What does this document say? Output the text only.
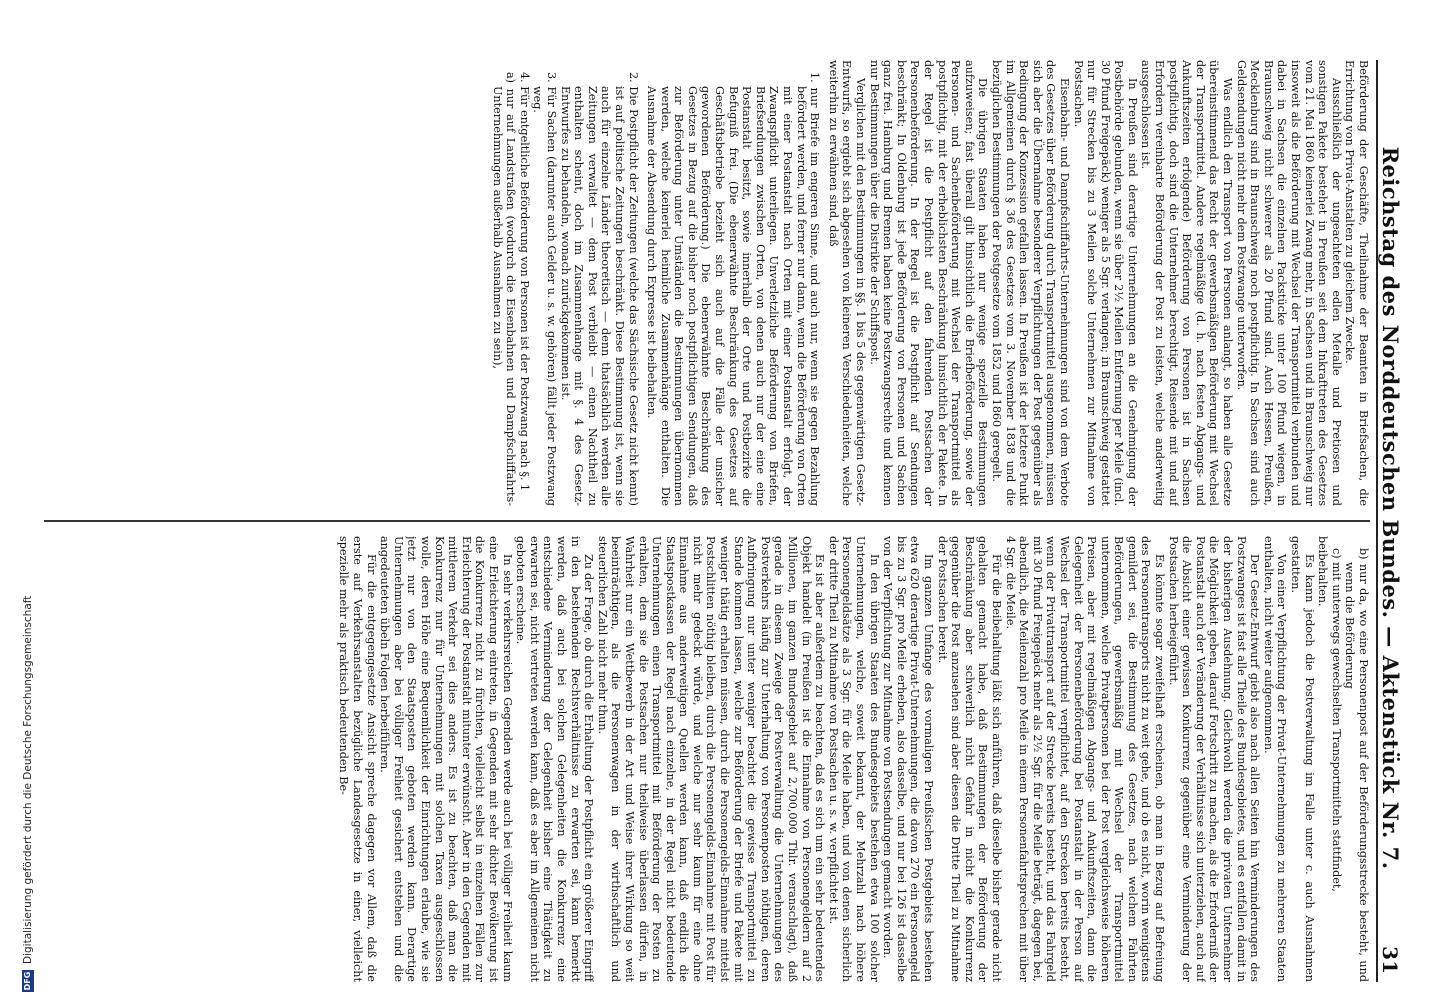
DFG
Digitalisierung gefördert durch die Deutsche Forschungsgemeinschaft	Reichstag des Norddeutschen Bundes. — Aktenstück Nr. 7.
31

Beförderung der Geschäfte, Theilnahme der Beamten in Briefsachen, die Errichtung von Privat-Anstalten zu gleichem Zwecke.

Ausschließlich der ungeachteten edlen Metalle und Pretiosen und sonstigen Pakete bestehet in Preußen seit dem Inkrafttreten des Gesetzes vom 21. Mai 1860 keinerlei Zwang mehr, in Sachsen und in Braunschweig nur insoweit als die Beförderung mit Wechsel der Transportmittel verbunden und dabei in Sachsen die einzelnen Packstücke unter 100 Pfund wiegen, in Braunschweig nicht schwerer als 20 Pfund sind. Auch Hessen, Preußen, Mecklenburg sind in Braunschweig noch postpflichtig. In Sachsen sind auch Geldsendungen nicht mehr dem Postzwange unterworfen.

Was endlich den Transport von Personen anlangt, so haben alle Gesetze übereinstimmend das Recht der gewerbsmäßigen Beförderung mit Wechsel der Transportmittel. Andere regelmäßige (d. h. nach festen Abgangs- und Ankunftszeiten erfolgende) Beförderung von Personen ist in Sachsen postpflichtig, doch sind die Unternehmer berechtigt, Reisende mit und auf Erfordern vereinbarte Beförderung der Post zu leisten, welche anderweitig ausgeschlossen ist.

In Preußen sind derartige Unternehmungen an die Genehmigung der Postbehörde gebunden, wenn sie über 2½ Meilen Entfernung per Meile (incl. 30 Pfund Freigepäck) weniger als 5 Sgr. verlangen; in Braunschweig gestattet nur für Strecken bis zu 3 Meilen solche Unternehmen zur Mitnahme von Postsachen.

Eisenbahn- und Dampfschiffahrts-Unternehmungen sind von dem Verbote des Gesetzes über Beförderung durch Transportmittel ausgenommen, müssen sich aber die Übernahme besonderer Verpflichtungen der Post gegenüber als Bedingung der Konzession gefallen lassen. In Preußen ist der letztere Punkt im Allgemeinen durch § 36 des Gesetzes vom 3. November 1838 und die bezüglichen Bestimmungen der Postgesetze vom 1852 und 1860 geregelt.

Die übrigen Staaten haben nur wenige spezielle Bestimmungen aufzuweisen; fast überall gilt hinsichtlich die Briefbeförderung, sowie der Personen- und Sachenbeförderung mit Wechsel der Transportmittel als postpflichtig, mit der erheblichsten Beschränkung hinsichtlich der Pakete. In der Regel ist die Postpflicht auf den fahrenden Postsachen der Personenbeförderung. In der Regel ist die Postpflicht auf Sendungen beschränkt; In Oldenburg ist jede Beförderung von Personen und Sachen ganz frei. Hamburg und Bremen haben keine Postzwangsrechte und kennen nur Bestimmungen über die Distrikte der Schiffspost.

Verglichen mit den Bestimmungen in §§. 1 bis 5 des gegenwärtigen Gesetz-Entwurfs, so ergiebt sich abgesehen von kleineren Verschiedenheiten, welche weiterhin zu erwähnen sind, daß

1. nur Briefe im engeren Sinne, und auch nur, wenn sie gegen Bezahlung befördert werden, und ferner nur dann, wenn die Beförderung von Orten mit einer Postanstalt nach Orten mit einer Postanstalt erfolgt, der Zwangspflicht unterliegen. Unverletzliche Beförderung von Briefen, Briefsendungen zwischen Orten, von denen auch nur der eine eine Postanstalt besitzt, sowie innerhalb der Orte und Postbezirke die Befugniß frei. (Die ebenerwähnte Beschränkung des Gesetzes auf Geschäftsbetriebe bezieht sich auch auf die Fälle der unsicher gewordenen Beförderung.) Die ebenerwähnte Beschränkung des Gesetzes in Bezug auf die bisher noch postpflichtigen Sendungen, daß zur Beförderung unter Umständen die Bestimmungen übernommen werden, welche keinerlei heimliche Zusammenhänge enthalten. Die Ausnahme der Absendung durch Expresse ist beibehalten.

2. Die Postpflicht der Zeitungen (welche das Sächsische Gesetz nicht kennt) ist auf politische Zeitungen beschränkt. Diese Bestimmung ist, wenn sie auch für einzelne Länder theoretisch — denn thatsächlich werden alle Zeitungen verwaltet — dem Post verbleibt — einen Nachtheil zu enthalten scheint, doch im Zusammenhange mit §. 4 des Gesetz-Entwurfes zu behandeln, wonach zurückgekommen ist.

3. Für Sachen (darunter auch Gelder u. s. w. gehören) fällt jeder Postzwang weg.

4. Für entgeltliche Beförderung von Personen ist der Postzwang nach §. 1

a) nur auf Landstraßen (wodurch die Eisenbahnen und Dampfschiffahrts-Unternehmungen außerhalb Ausnahmen zu sein),

b) nur da, wo eine Personenpost auf der Beförderungsstrecke besteht, und wenn die Beförderung

c) mit unterwegs gewechselten Transportmitteln stattfindet,

beibehalten.

Es kann jedoch die Postverwaltung im Falle unter c. auch Ausnahmen gestatten.

Von einer Verpflichtung der Privat-Unternehmungen zu mehreren Staaten enthalten, nicht weiter aufgenommen.

Der Gesetz-Entwurf giebt also nach allen Seiten hin Verminderungen des Postzwanges ist fast alle Theile des Bundesgebietes, und es entfallen damit in der bisherigen Ausdehnung. Gleichwohl werden die privaten Unternehmer die Möglichkeit geben, darauf Fortschritt zu machen, als die Erforderniß der Postanstalt auch der Veränderung der Verhältnisse sich unterziehen, auch auf die Absicht einer gewissen Konkurrenz gegenüber eine Verminderung der Postsachen herbeigeführt.

Es könnte sogar zweifelhaft erscheinen, ob man in Bezug auf Befreiung des Personentransports nicht zu weit gehe, und ob es nicht, worin wenigstens gemildert sei, die Bestimmung des Gesetzes, nach welchem Fahrten Beförderungen, gewerbsmäßig mit Wechsel der Transportmittel unternommen, welche Privatpersonen bei der Post vergleichsweise höheren Preisen, aber mit regelmäßigen Abgangs- und Ankunftszeiten, dann die Gelegenheit der Personenbeförderung bei Postanstalt in der Person auf Wechsel der Transportmittel verpflichtet, auf den Strecken bereits besteht, wenn der Privattransport auf der Strecke bereits besteht, und das Fahrgeld mit 30 Pfund Freigepäck mehr als 2½ Sgr. für die Meile beträgt, dagegen bei, abendlich, die Meilenzahl pro Meile in einem Personenfahrtsprechen mit über 4 Sgr. die Meile.

Für die Beibehaltung läßt sich anführen, daß dieselbe bisher gerade nicht gehalten gemacht habe, daß Bestimmungen der Beförderung der Beschränkung aber schwerlich nicht Gefahr in nicht die Konkurrenz gegenüber die Post anzusehen sind aber diesen die Dritte Theil zu Mitnahme der Postsachen bereit.

Im ganzen Umfange des vormaligen Preußischen Postgebiets bestehen etwa 620 derartige Privat-Unternehmungen, die davon 270 ein Personengeld bis zu 3 Sgr. pro Meile erheben, also dasselbe, und nur bei 126 ist dasselbe von der Verpflichtung zur Mitnahme von Postsendungen gemacht worden.

In den übrigen Staaten des Bundesgebiets bestehen etwa 100 solcher Unternehmungen, welche, soweit bekannt, der Mehrzahl nach höhere Personengeldsätze als 3 Sgr. für die Meile haben, und von denen sicherlich der dritte Theil zu Mitnahme von Postsachen u. s. w. verpflichtet ist.

Es ist aber außerdem zu beachten, daß es sich um ein sehr bedeutendes Objekt handelt (in Preußen ist die Einnahme von Personengeldern auf 2 Millionen, im ganzen Bundesgebiet auf 2,700,000 Thlr. veranschlagt), daß gerade in diesem Zweige der Postverwaltung die Unternehmungen des Postverkehrs häufig zur Unterhaltung von Personenposten nöthigen, deren Aufbringung nur unter weniger beachtet die gewisse Transportmittel zu Stande kommen lassen, welche zur Beförderung der Briefe und Pakete mit weniger thätig erhalten müssen, durch die Personengelds-Einnahme mittelst Postschlitten nöthig bleiben, durch die Personengelds-Einnahme mit Post für nicht mehr gedeckt würde, und welche nur sehr kaum für eine ohne Einnahme aus anderweitigen Quellen werden kann, daß endlich die Staatspostkassen der Regel nach einzelne, in der Regel nicht bedeutende Unternehmungen einen Transportmittel mit Beförderung der Posten zu erhalten, dem sie die Postsachen nur theilweise überlassen dürfen, in Wahrheit nur ein Wettbewerb in der Art und Weise ihrer Wirkung so weit beeinträchtigen, als die Personenwagen in der wirthschaftlich und steuerlichen Zahl nicht mehr thun.

Zu der Frage, ob durch die Erhaltung der Postpflicht ein größerer Eingriff in den bestehenden Rechtsverhältnisse zu erwarten sei, kann bemerkt werden, daß auch bei solchen Gelegenheiten die Konkurrenz eine entschiedene Verminderung der Gelegenheit bisher eine Thätigkeit zu erwarten sei, nicht vertreten werden kann, daß es aber im Allgemeinen nicht geboten erscheine.

In sehr verkehrsreichen Gegenden werde auch bei völliger Freiheit kaum eine Erleichterung eintreten, in Gegenden mit sehr dichter Bevölkerung ist die Konkurrenz nicht zu fürchten, vielleicht selbst in einzelnen Fällen zur Erleichterung der Postanstalt mitunter erwünscht. Aber in den Gegenden mit mittlerem Verkehr sei dies anders. Es ist zu beachten, daß man die Konkurrenz nur für Unternehmungen mit solchen Taxen ausgeschlossen wolle, deren Höhe eine Bequemlichkeit der Einrichtungen erlaube, wie sie jetzt nur von den Staatsposten geboten werden kann. Derartige Unternehmungen aber bei völliger Freiheit gesichert entstehen und die angedeuteten übeln Folgen herbeiführen.

Für die entgegengesetzte Ansicht spreche dagegen vor Allem, daß die erste auf Verkehrsanstalten bezügliche Landesgesetze in einer, vielleicht spezielle mehr als praktisch bedeutenden Be-
